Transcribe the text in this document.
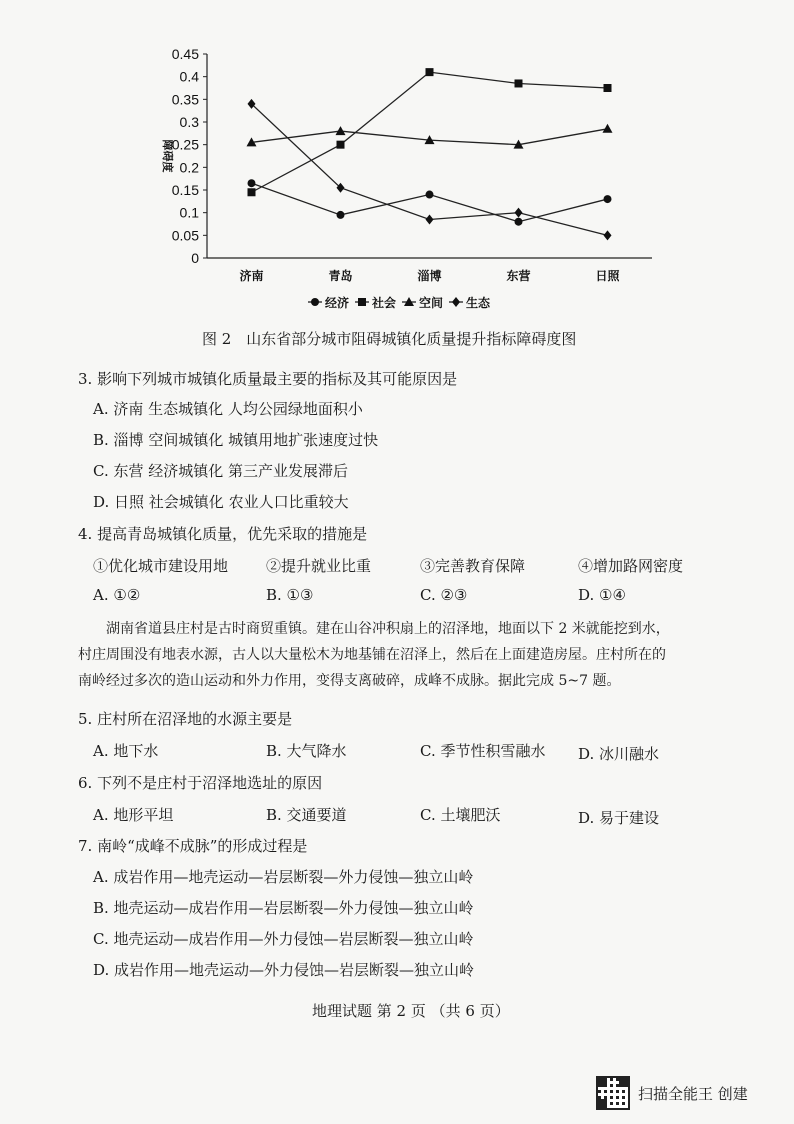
0.45
0.4
0.35
0.3
0.25
0.2
0.15
0.1
0.05
0
障碍度
济南	青岛	淄博	东营	日照
经济 社会 空间 生态
图 2　山东省部分城市阻碍城镇化质量提升指标障碍度图
3. 影响下列城市城镇化质量最主要的指标及其可能原因是
A. 济南 生态城镇化 人均公园绿地面积小
B. 淄博 空间城镇化 城镇用地扩张速度过快
C. 东营 经济城镇化 第三产业发展滞后
D. 日照 社会城镇化 农业人口比重较大
4. 提高青岛城镇化质量，优先采取的措施是
①优化城市建设用地	②提升就业比重	③完善教育保障	④增加路网密度
A. ①②	B. ①③	C. ②③	D. ①④
湖南省道县庄村是古时商贸重镇。建在山谷冲积扇上的沼泽地，地面以下 2 米就能挖到水，
村庄周围没有地表水源，古人以大量松木为地基铺在沼泽上，然后在上面建造房屋。庄村所在的
南岭经过多次的造山运动和外力作用，变得支离破碎，成峰不成脉。据此完成 5~7 题。
5. 庄村所在沼泽地的水源主要是
A. 地下水	B. 大气降水	C. 季节性积雪融水 D. 冰川融水
6. 下列不是庄村于沼泽地选址的原因
A. 地形平坦	B. 交通要道	C. 土壤肥沃	D. 易于建设
7. 南岭“成峰不成脉”的形成过程是
A. 成岩作用—地壳运动—岩层断裂—外力侵蚀—独立山岭
B. 地壳运动—成岩作用—岩层断裂—外力侵蚀—独立山岭
C. 地壳运动—成岩作用—外力侵蚀—岩层断裂—独立山岭
D. 成岩作用—地壳运动—外力侵蚀—岩层断裂—独立山岭
地理试题 第 2 页 （共 6 页）
扫描全能王 创建
